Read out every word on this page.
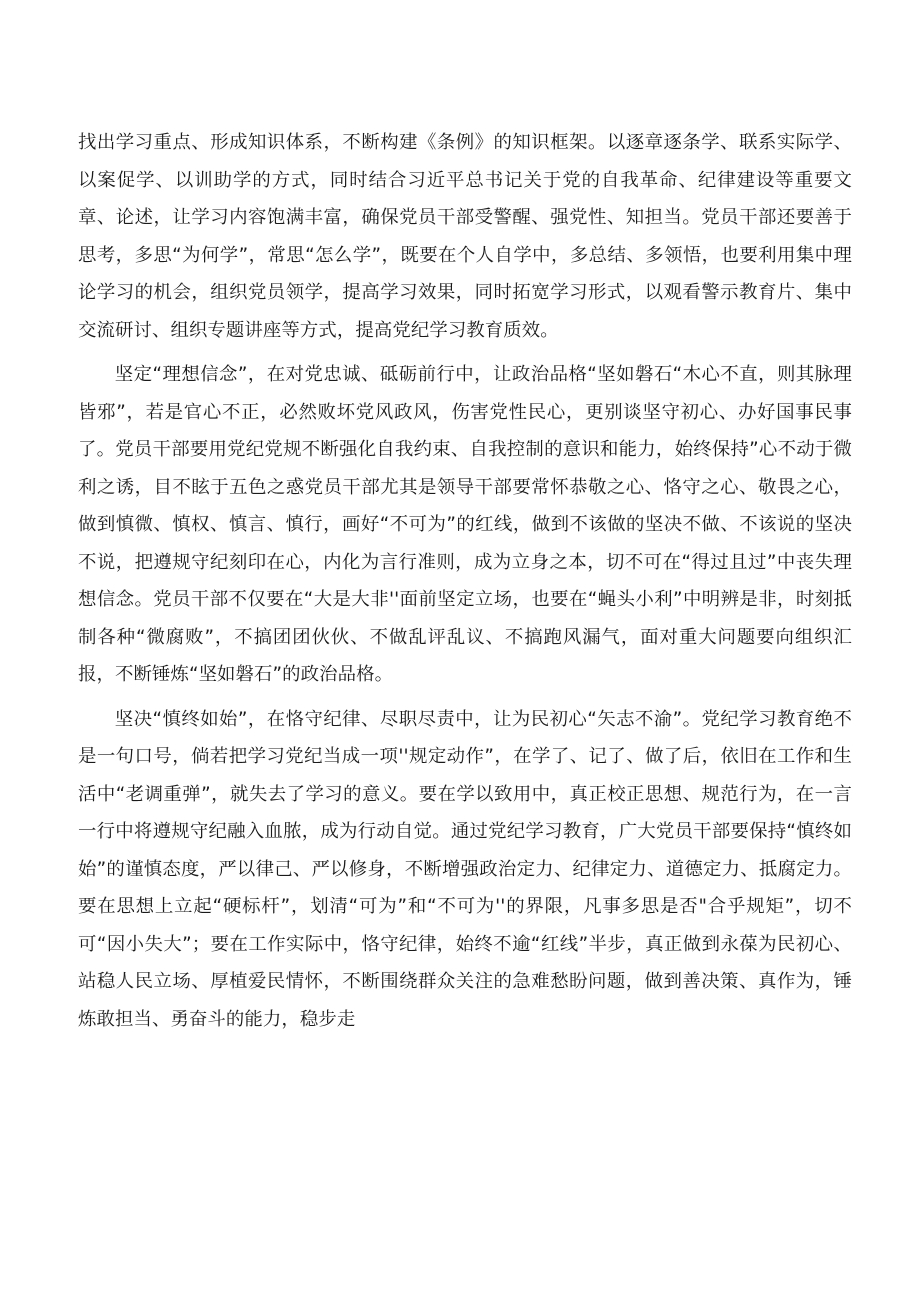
找出学习重点、形成知识体系，不断构建《条例》的知识框架。以逐章逐条学、联系实际学、以案促学、以训助学的方式，同时结合习近平总书记关于党的自我革命、纪律建设等重要文章、论述，让学习内容饱满丰富，确保党员干部受警醒、强党性、知担当。党员干部还要善于思考，多思“为何学”，常思“怎么学”，既要在个人自学中，多总结、多领悟，也要利用集中理论学习的机会，组织党员领学，提高学习效果，同时拓宽学习形式，以观看警示教育片、集中交流研讨、组织专题讲座等方式，提高党纪学习教育质效。

坚定“理想信念”，在对党忠诚、砥砺前行中，让政治品格“坚如磐石“木心不直，则其脉理皆邪”，若是官心不正，必然败坏党风政风，伤害党性民心，更别谈坚守初心、办好国事民事了。党员干部要用党纪党规不断强化自我约束、自我控制的意识和能力，始终保持”心不动于微利之诱，目不眩于五色之惑党员干部尤其是领导干部要常怀恭敬之心、恪守之心、敬畏之心，做到慎微、慎权、慎言、慎行，画好“不可为”的红线，做到不该做的坚决不做、不该说的坚决不说，把遵规守纪刻印在心，内化为言行准则，成为立身之本，切不可在“得过且过”中丧失理想信念。党员干部不仅要在“大是大非''面前坚定立场，也要在“蝇头小利”中明辨是非，时刻抵制各种“微腐败”，不搞团团伙伙、不做乱评乱议、不搞跑风漏气，面对重大问题要向组织汇报，不断锤炼“坚如磐石”的政治品格。

坚决“慎终如始”，在恪守纪律、尽职尽责中，让为民初心“矢志不渝”。党纪学习教育绝不是一句口号，倘若把学习党纪当成一项''规定动作”，在学了、记了、做了后，依旧在工作和生活中“老调重弹”，就失去了学习的意义。要在学以致用中，真正校正思想、规范行为，在一言一行中将遵规守纪融入血脓，成为行动自觉。通过党纪学习教育，广大党员干部要保持“慎终如始”的谨慎态度，严以律己、严以修身，不断增强政治定力、纪律定力、道德定力、抵腐定力。要在思想上立起“硬标杆”，划清“可为”和“不可为''的界限，凡事多思是否"合乎规矩”，切不可“因小失大”；要在工作实际中，恪守纪律，始终不逾“红线”半步，真正做到永葆为民初心、站稳人民立场、厚植爱民情怀，不断围绕群众关注的急难愁盼问题，做到善决策、真作为，锤炼敢担当、勇奋斗的能力，稳步走
